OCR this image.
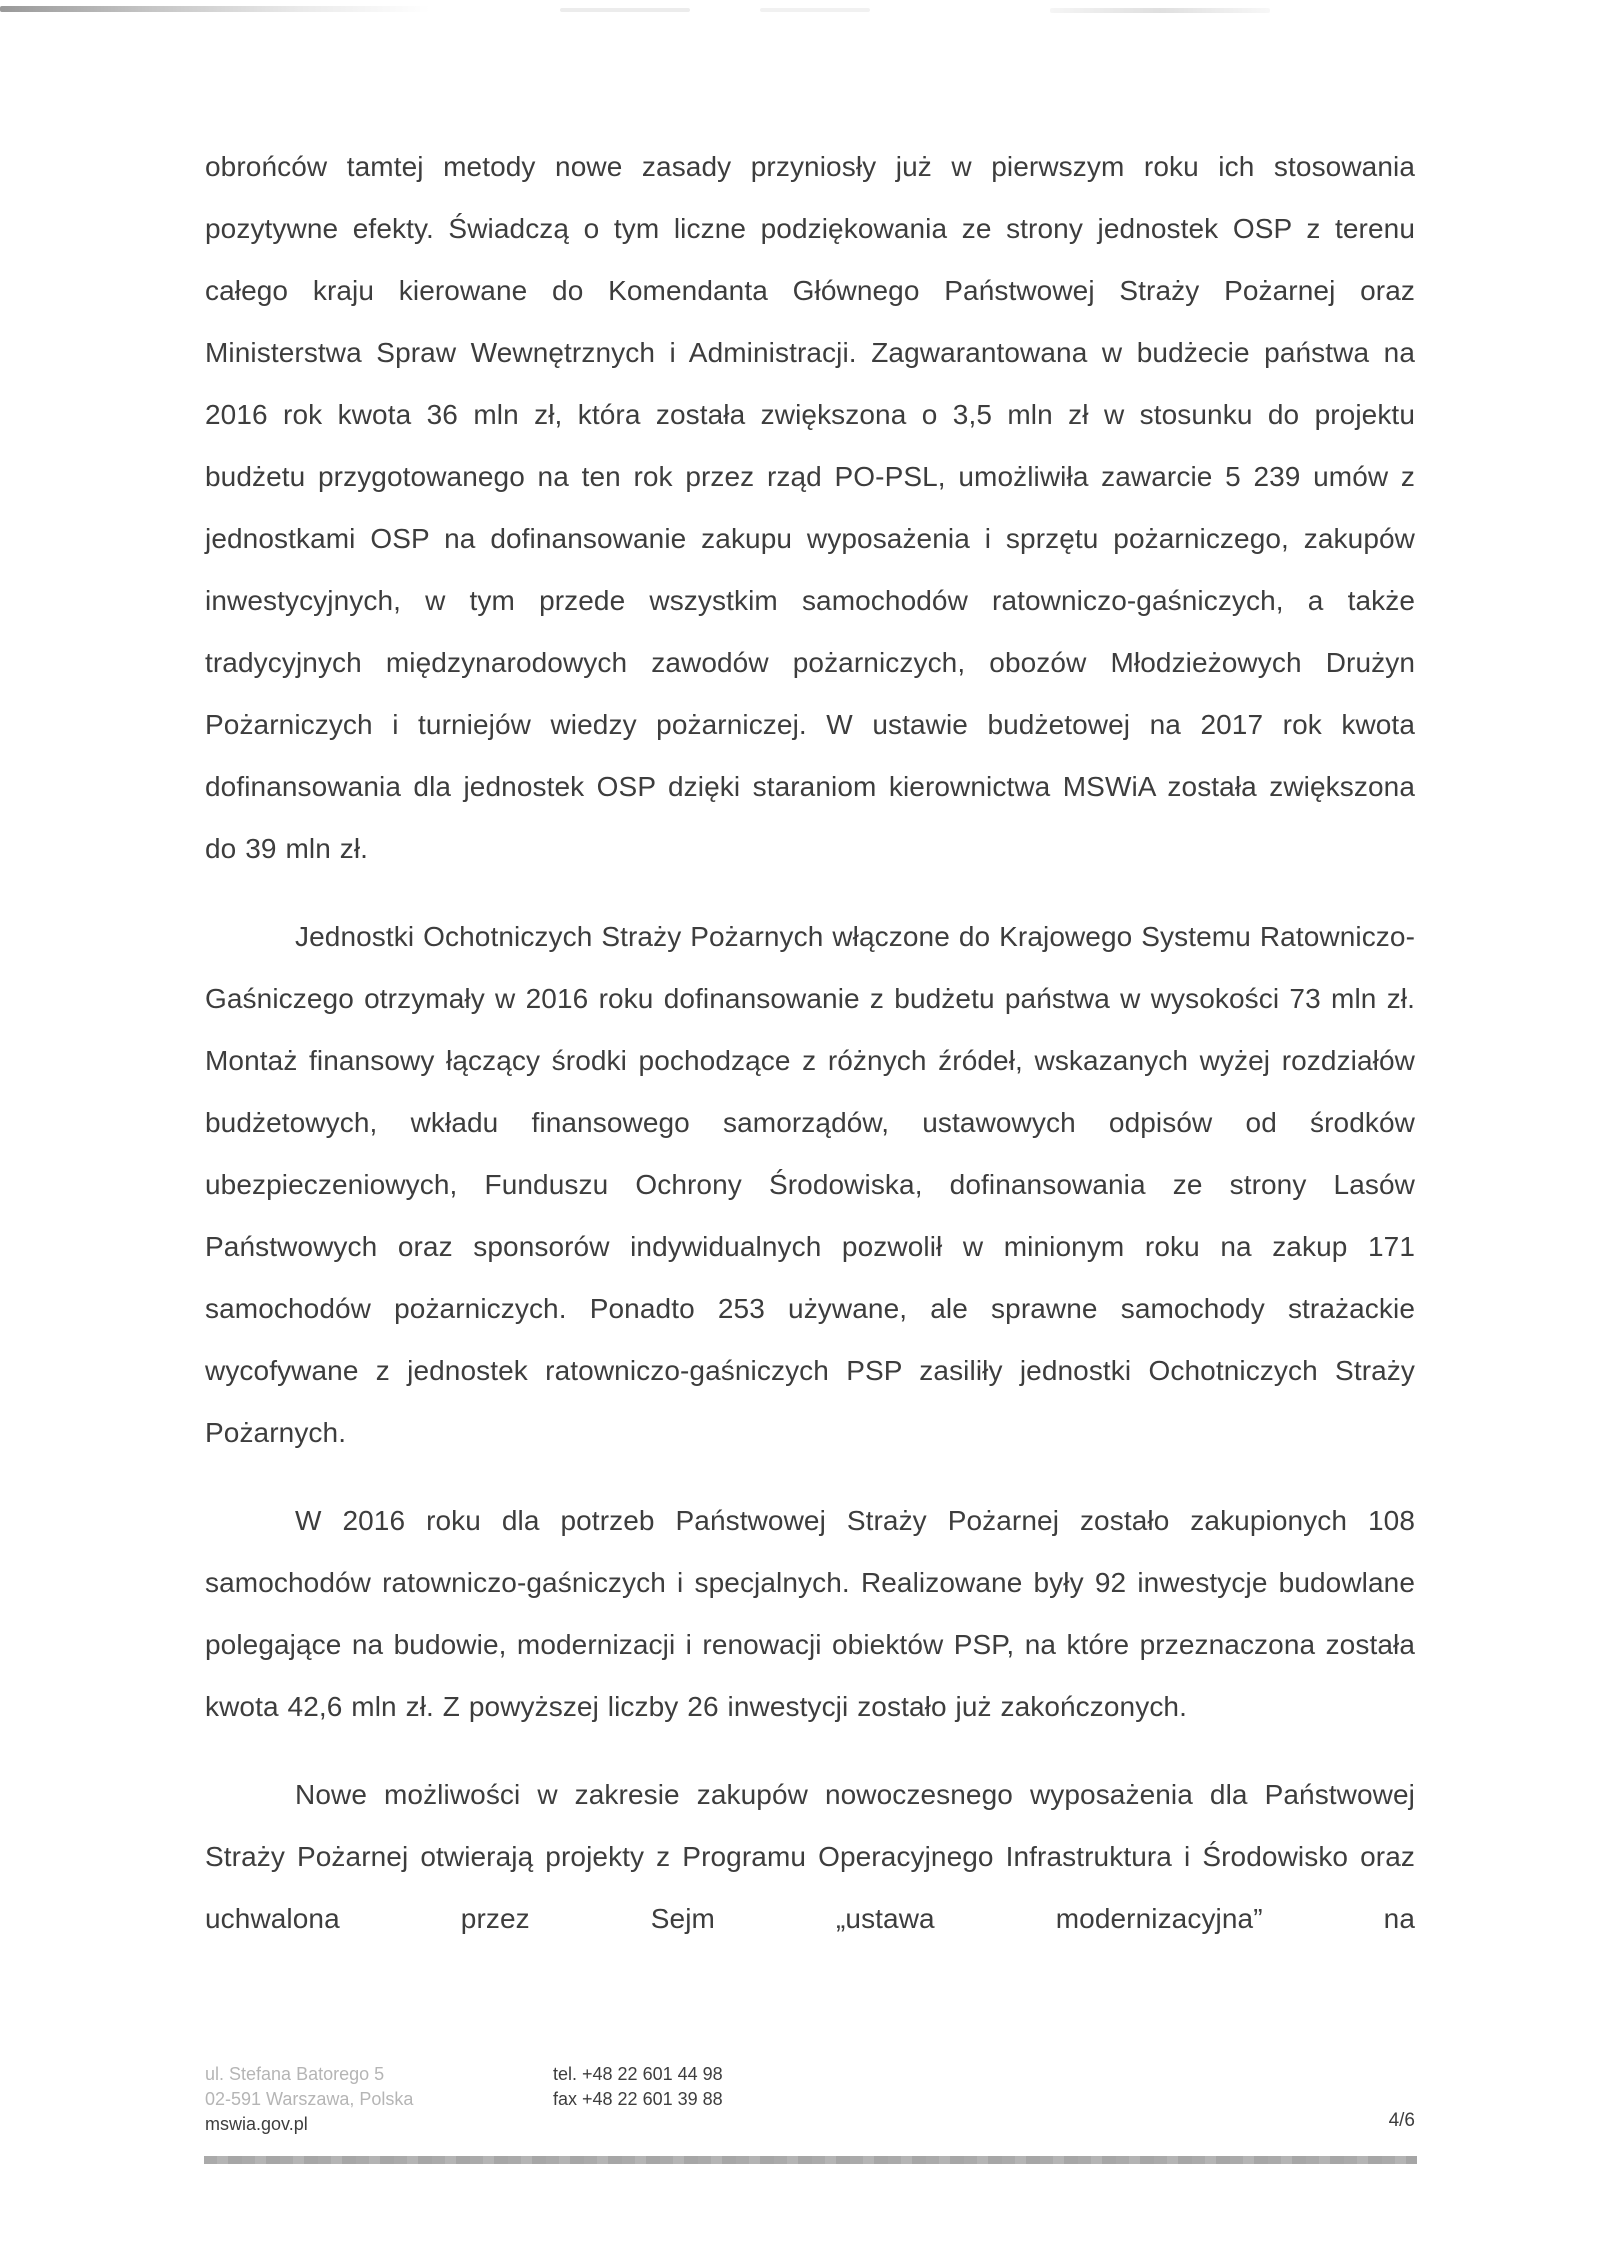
obrońców tamtej metody nowe zasady przyniosły już w pierwszym roku ich stosowania pozytywne efekty. Świadczą o tym liczne podziękowania ze strony jednostek OSP z terenu całego kraju kierowane do Komendanta Głównego Państwowej Straży Pożarnej oraz Ministerstwa Spraw Wewnętrznych i Administracji. Zagwarantowana w budżecie państwa na 2016 rok kwota 36 mln zł, która została zwiększona o 3,5 mln zł w stosunku do projektu budżetu przygotowanego na ten rok przez rząd PO-PSL, umożliwiła zawarcie 5 239 umów z jednostkami OSP na dofinansowanie zakupu wyposażenia i sprzętu pożarniczego, zakupów inwestycyjnych, w tym przede wszystkim samochodów ratowniczo-gaśniczych, a także tradycyjnych międzynarodowych zawodów pożarniczych, obozów Młodzieżowych Drużyn Pożarniczych i turniejów wiedzy pożarniczej. W ustawie budżetowej na 2017 rok kwota dofinansowania dla jednostek OSP dzięki staraniom kierownictwa MSWiA została zwiększona do 39 mln zł.

Jednostki Ochotniczych Straży Pożarnych włączone do Krajowego Systemu Ratowniczo-Gaśniczego otrzymały w 2016 roku dofinansowanie z budżetu państwa w wysokości 73 mln zł. Montaż finansowy łączący środki pochodzące z różnych źródeł, wskazanych wyżej rozdziałów budżetowych, wkładu finansowego samorządów, ustawowych odpisów od środków ubezpieczeniowych, Funduszu Ochrony Środowiska, dofinansowania ze strony Lasów Państwowych oraz sponsorów indywidualnych pozwolił w minionym roku na zakup 171 samochodów pożarniczych. Ponadto 253 używane, ale sprawne samochody strażackie wycofywane z jednostek ratowniczo-gaśniczych PSP zasiliły jednostki Ochotniczych Straży Pożarnych.

W 2016 roku dla potrzeb Państwowej Straży Pożarnej zostało zakupionych 108 samochodów ratowniczo-gaśniczych i specjalnych. Realizowane były 92 inwestycje budowlane polegające na budowie, modernizacji i renowacji obiektów PSP, na które przeznaczona została kwota 42,6 mln zł. Z powyższej liczby 26 inwestycji zostało już zakończonych.

Nowe możliwości w zakresie zakupów nowoczesnego wyposażenia dla Państwowej Straży Pożarnej otwierają projekty z Programu Operacyjnego Infrastruktura i Środowisko oraz uchwalona przez Sejm „ustawa modernizacyjna” na

ul. Stefana Batorego 5
02-591 Warszawa, Polska
mswia.gov.pl
tel. +48 22 601 44 98
fax +48 22 601 39 88
4/6
